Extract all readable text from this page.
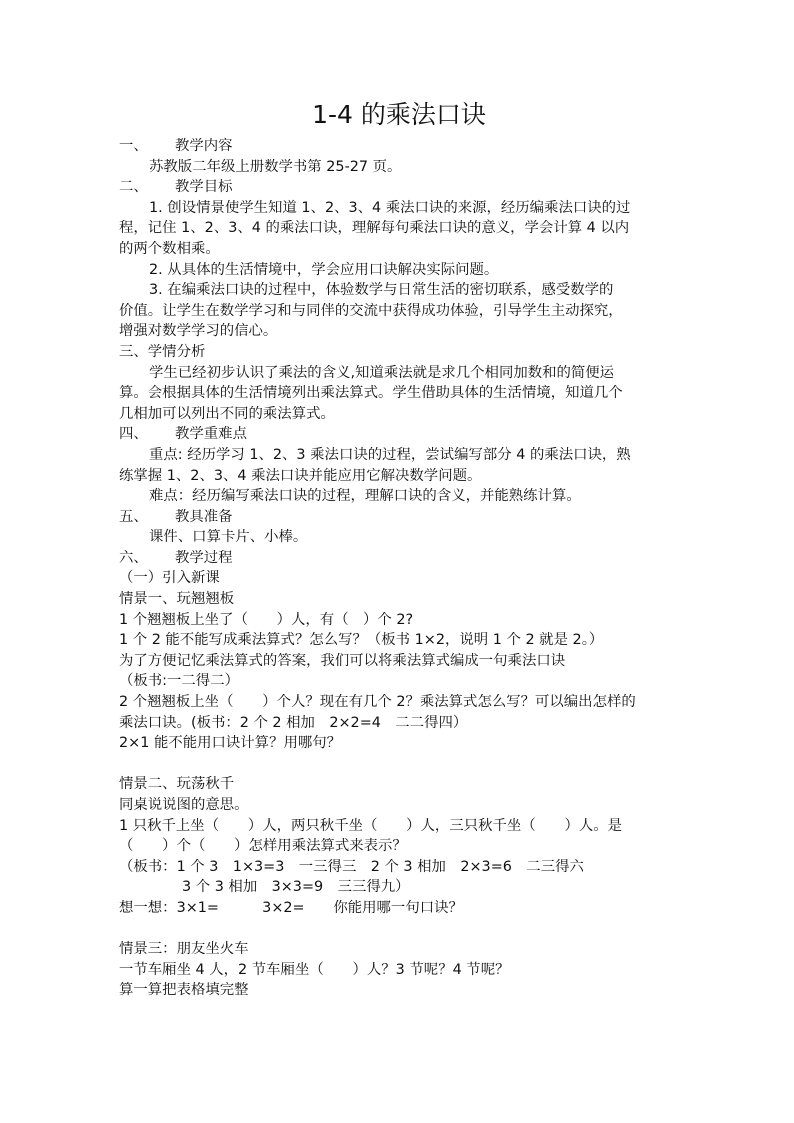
1-4 的乘法口诀
一、 教学内容
苏教版二年级上册数学书第 25-27 页。
二、 教学目标
1. 创设情景使学生知道 1、2、3、4 乘法口诀的来源，经历编乘法口诀的过
程，记住 1、2、3、4 的乘法口诀，理解每句乘法口诀的意义，学会计算 4 以内
的两个数相乘。
2. 从具体的生活情境中，学会应用口诀解决实际问题。
3. 在编乘法口诀的过程中，体验数学与日常生活的密切联系，感受数学的
价值。让学生在数学学习和与同伴的交流中获得成功体验，引导学生主动探究，
增强对数学学习的信心。
三、学情分析
学生已经初步认识了乘法的含义,知道乘法就是求几个相同加数和的简便运
算。会根据具体的生活情境列出乘法算式。学生借助具体的生活情境，知道几个
几相加可以列出不同的乘法算式。
四、 教学重难点
重点: 经历学习 1、2、3 乘法口诀的过程，尝试编写部分 4 的乘法口诀，熟
练掌握 1、2、3、4 乘法口诀并能应用它解决数学问题。
难点：经历编写乘法口诀的过程，理解口诀的含义，并能熟练计算。
五、 教具准备
课件、口算卡片、小棒。
六、 教学过程
（一）引入新课
情景一、玩翘翘板
1 个翘翘板上坐了（　　）人，有（　）个 2?
1 个 2 能不能写成乘法算式？怎么写？（板书 1×2，说明 1 个 2 就是 2。）
为了方便记忆乘法算式的答案，我们可以将乘法算式编成一句乘法口诀
（板书:一二得二）
2 个翘翘板上坐（　　）个人？现在有几个 2？乘法算式怎么写？可以编出怎样的
乘法口诀。(板书：2 个 2 相加　2×2=4　二二得四）
2×1 能不能用口诀计算？用哪句？
情景二、玩荡秋千
同桌说说图的意思。
1 只秋千上坐（　　）人，两只秋千坐（　　）人，三只秋千坐（　　）人。是
（　　）个（　　）怎样用乘法算式来表示？
（板书：1 个 3　1×3=3　一三得三　2 个 3 相加　2×3=6　二三得六
3 个 3 相加　3×3=9　三三得九）
想一想：3×1=　　　3×2=　　你能用哪一句口诀？
情景三：朋友坐火车
一节车厢坐 4 人，2 节车厢坐（　　）人？3 节呢？4 节呢？
算一算把表格填完整
